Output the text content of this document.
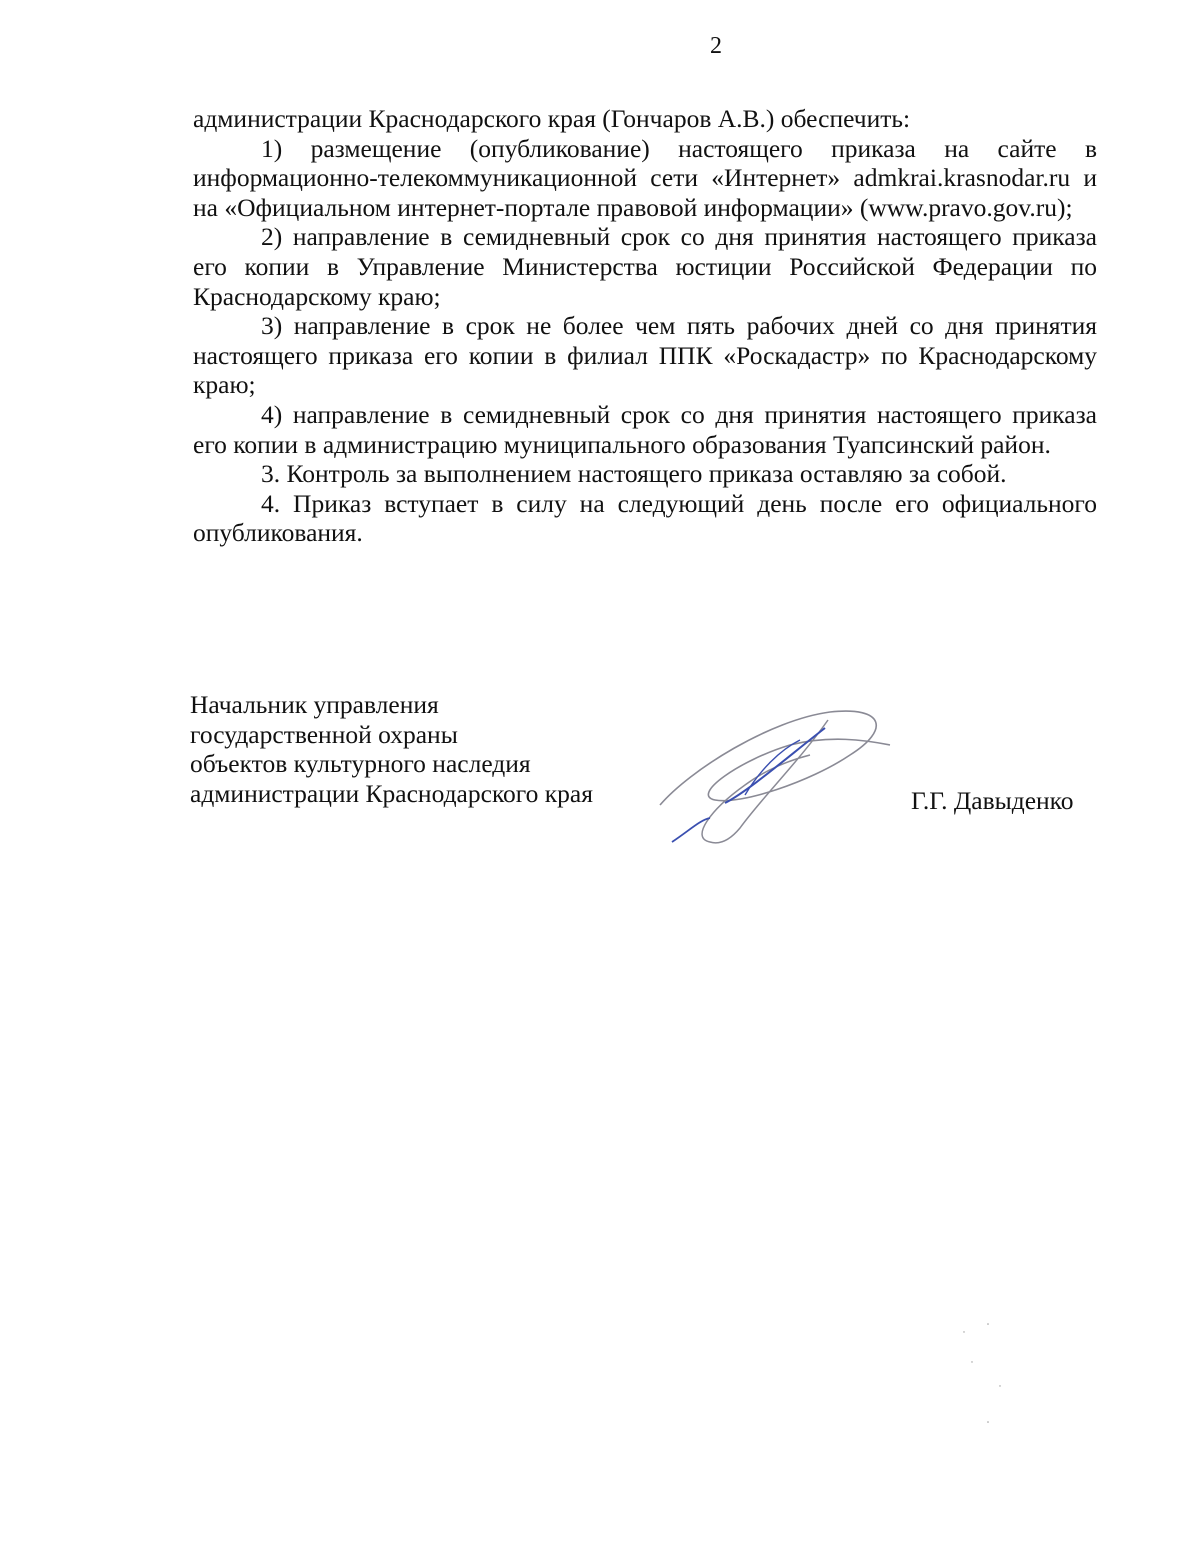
2

администрации Краснодарского края (Гончаров А.В.) обеспечить:

1) размещение (опубликование) настоящего приказа на сайте в информационно-телекоммуникационной сети «Интернет» admkrai.krasnodar.ru и на «Официальном интернет-портале правовой информации» (www.pravo.gov.ru);

2) направление в семидневный срок со дня принятия настоящего приказа его копии в Управление Министерства юстиции Российской Федерации по Краснодарскому краю;

3) направление в срок не более чем пять рабочих дней со дня принятия настоящего приказа его копии в филиал ППК «Роскадастр» по Краснодарскому краю;

4) направление в семидневный срок со дня принятия настоящего приказа его копии в администрацию муниципального образования Туапсинский район.

3. Контроль за выполнением настоящего приказа оставляю за собой.

4. Приказ вступает в силу на следующий день после его официального опубликования.

Начальник управления
государственной охраны
объектов культурного наследия
администрации Краснодарского края	Г.Г. Давыденко
